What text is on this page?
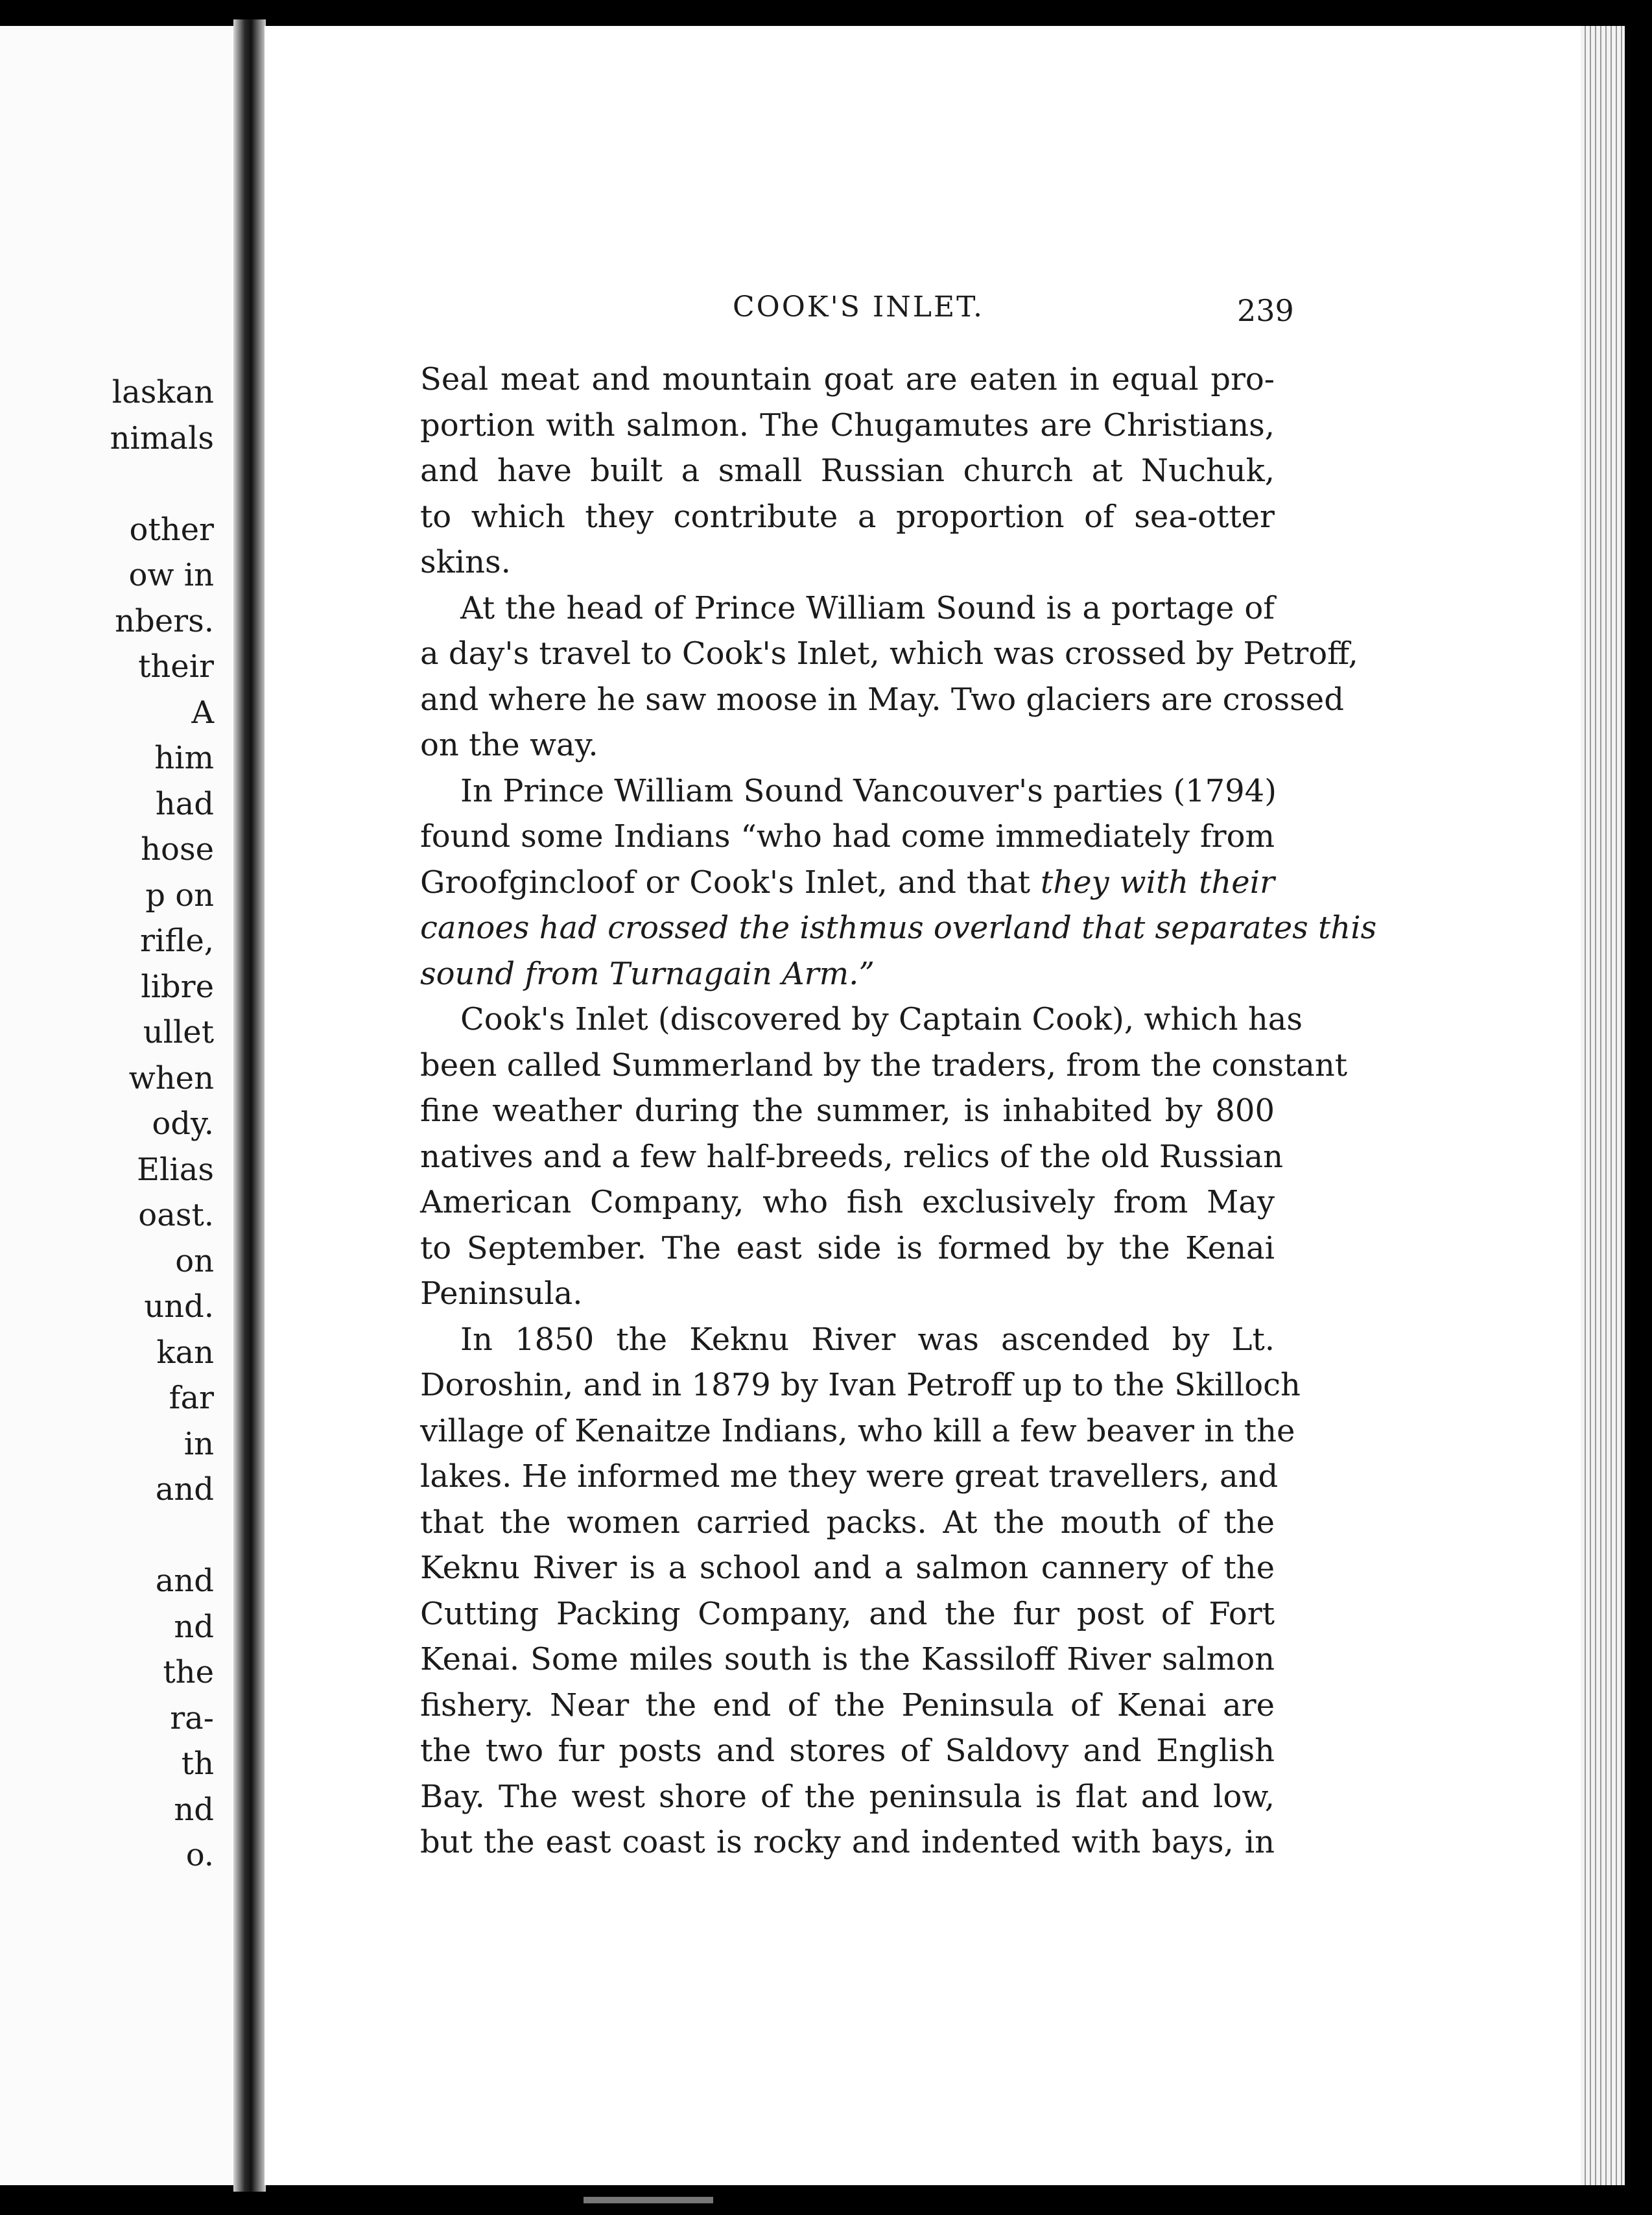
laskan
nimals
other
ow in
nbers.
their
A
him
had
hose
p on
rifle,
libre
ullet
when
ody.
Elias
oast.
on
und.
kan
far
in
and
and
nd
the
ra-
th
nd
o.
COOK'S INLET.	239
Seal meat and mountain goat are eaten in equal pro-
portion with salmon. The Chugamutes are Christians,
and have built a small Russian church at Nuchuk,
to which they contribute a proportion of sea-otter
skins.
At the head of Prince William Sound is a portage of
a day's travel to Cook's Inlet, which was crossed by Petroff,
and where he saw moose in May. Two glaciers are crossed
on the way.
In Prince William Sound Vancouver's parties (1794)
found some Indians “who had come immediately from
Groofgincloof or Cook's Inlet, and that they with their
canoes had crossed the isthmus overland that separates this
sound from Turnagain Arm.”
Cook's Inlet (discovered by Captain Cook), which has
been called Summerland by the traders, from the constant
fine weather during the summer, is inhabited by 800
natives and a few half-breeds, relics of the old Russian
American Company, who fish exclusively from May
to September. The east side is formed by the Kenai
Peninsula.
In 1850 the Keknu River was ascended by Lt.
Doroshin, and in 1879 by Ivan Petroff up to the Skilloch
village of Kenaitze Indians, who kill a few beaver in the
lakes. He informed me they were great travellers, and
that the women carried packs. At the mouth of the
Keknu River is a school and a salmon cannery of the
Cutting Packing Company, and the fur post of Fort
Kenai. Some miles south is the Kassiloff River salmon
fishery. Near the end of the Peninsula of Kenai are
the two fur posts and stores of Saldovy and English
Bay. The west shore of the peninsula is flat and low,
but the east coast is rocky and indented with bays, in
